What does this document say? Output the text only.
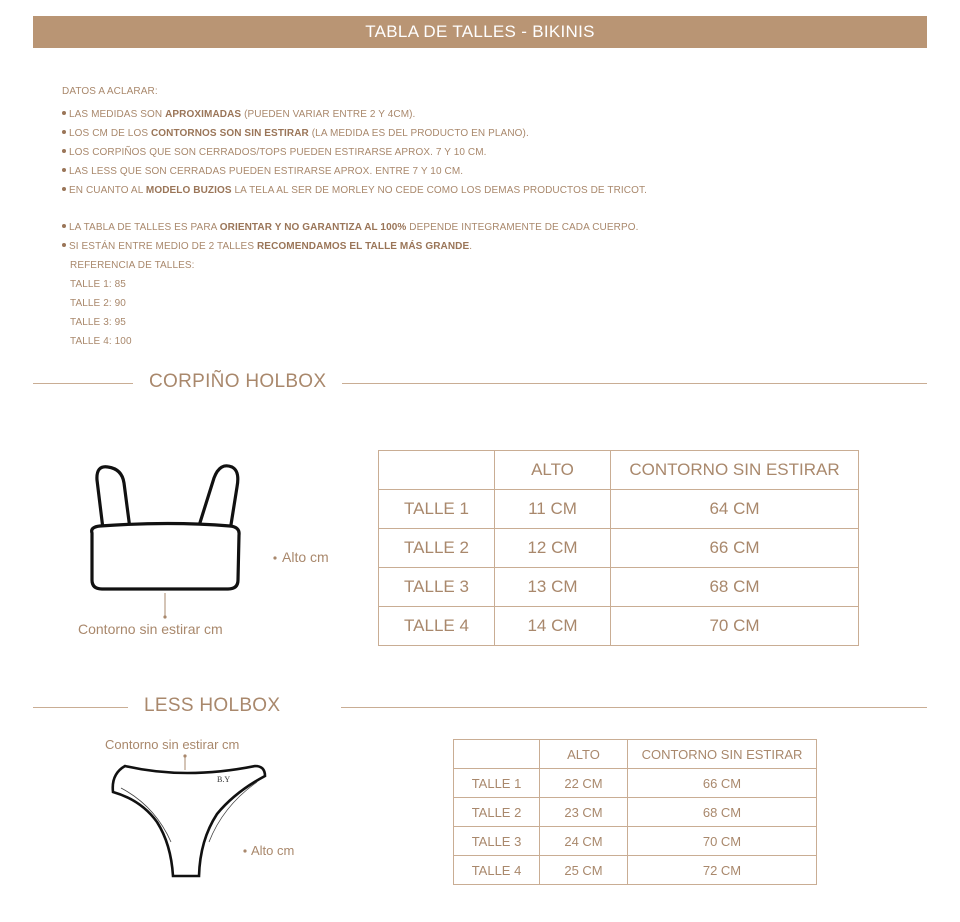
TABLA DE TALLES - BIKINIS
DATOS A ACLARAR:
LAS MEDIDAS SON APROXIMADAS (PUEDEN VARIAR ENTRE 2 Y 4CM).
LOS CM DE LOS CONTORNOS SON SIN ESTIRAR (LA MEDIDA ES DEL PRODUCTO EN PLANO).
LOS CORPIÑOS QUE SON CERRADOS/TOPS PUEDEN ESTIRARSE APROX. 7 Y 10 CM.
LAS LESS QUE SON CERRADAS PUEDEN ESTIRARSE APROX. ENTRE 7 Y 10 CM.
EN CUANTO AL MODELO BUZIOS LA TELA AL SER DE MORLEY NO CEDE COMO LOS DEMAS PRODUCTOS DE TRICOT.
LA TABLA DE TALLES ES PARA ORIENTAR Y NO GARANTIZA AL 100% DEPENDE INTEGRAMENTE DE CADA CUERPO.
SI ESTÁN ENTRE MEDIO DE 2 TALLES RECOMENDAMOS EL TALLE MÁS GRANDE.
REFERENCIA DE TALLES:
TALLE 1: 85
TALLE 2: 90
TALLE 3: 95
TALLE 4: 100
CORPIÑO HOLBOX
Alto cm
Contorno sin estirar cm
	ALTO	CONTORNO SIN ESTIRAR
TALLE 1	11 CM	64 CM
TALLE 2	12 CM	66 CM
TALLE 3	13 CM	68 CM
TALLE 4	14 CM	70 CM
LESS HOLBOX
Contorno sin estirar cm
B.Y
Alto cm
	ALTO	CONTORNO SIN ESTIRAR
TALLE 1	22 CM	66 CM
TALLE 2	23 CM	68 CM
TALLE 3	24 CM	70 CM
TALLE 4	25 CM	72 CM
